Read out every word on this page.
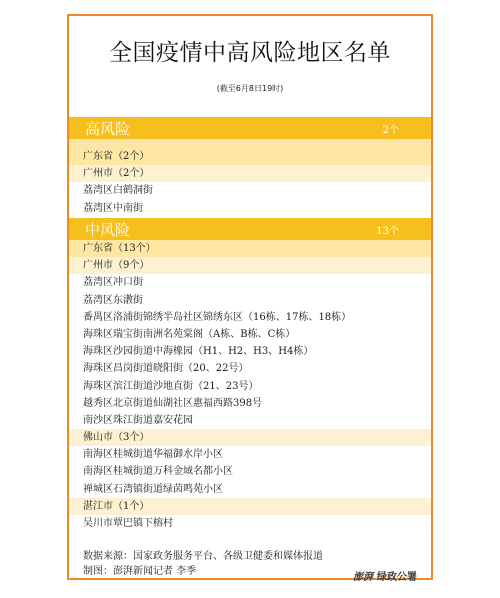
全国疫情中高风险地区名单
(截至6月8日19时)
高风险	2个
广东省（2个）
广州市（2个）
荔湾区白鹤洞街
荔湾区中南街
中风险	13个
广东省（13个）
广州市（9个）
荔湾区冲口街
荔湾区东漖街
番禺区洛浦街锦绣半岛社区锦绣东区（16栋、17栋、18栋）
海珠区瑞宝街南洲名苑棠阁（A栋、B栋、C栋）
海珠区沙园街道中海橡园（H1、H2、H3、H4栋）
海珠区昌岗街道晓阳街（20、22号）
海珠区滨江街道沙地直街（21、23号）
越秀区北京街道仙湖社区惠福西路398号
南沙区珠江街道嘉安花园
佛山市（3个）
南海区桂城街道华福御水岸小区
南海区桂城街道万科金域名都小区
禅城区石湾镇街道绿茵鸣苑小区
湛江市（1个）
吴川市覃巴镇下榕村
数据来源：国家政务服务平台、各级卫健委和媒体报道
制图：澎湃新闻记者 李季
澎湃 绿政公署
